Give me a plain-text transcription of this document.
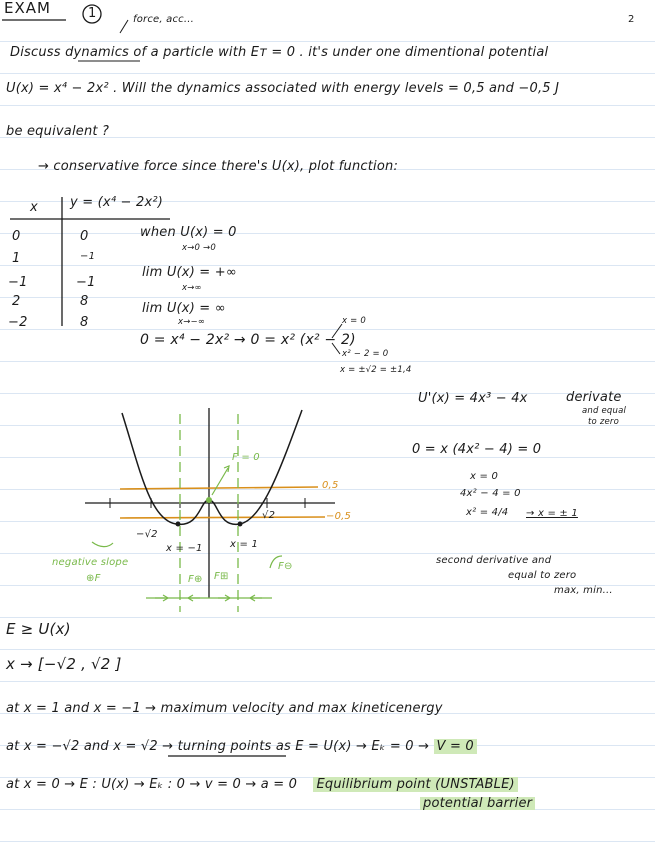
EXAM	1	force, acc...	2
Discuss dynamics of a particle with Eᴛ = 0 . it's under one dimentional potential
U(x) = x⁴ − 2x² . Will the dynamics associated with energy levels = 0,5 and −0,5 J
be equivalent ?
→ conservative force since there's U(x), plot function:
x y = (x⁴ − 2x²)
0	0
1	−1
−1	−1
2	8
−2	8
when U(x) = 0
x→0 →0
lim U(x) = +∞
x→∞
lim U(x) = ∞
x→−∞
0 = x⁴ − 2x² → 0 = x² (x² − 2)
x = 0
x² − 2 = 0
x = ±√2 = ±1,4
U'(x) = 4x³ − 4x	derivate
and equal
to zero
0 = x (4x² − 4) = 0
x = 0
4x² − 4 = 0
x² = 4/4 → x = ± 1
second derivative and
equal to zero
max, min...
0,5
−0,5
−√2
√2
x = −1	x = 1
F = 0
negative slope
⊕F	F⊕ F⊞
F⊖
E ≥ U(x)
x → [−√2 , √2 ]
at x = 1 and x = −1 → maximum velocity and max kineticenergy
at x = −√2 and x = √2 → turning points as E = U(x) → Eₖ = 0 → V = 0
at x = 0 → E : U(x) → Eₖ : 0 → v = 0 → a = 0 Equilibrium point (UNSTABLE)
potential barrier
